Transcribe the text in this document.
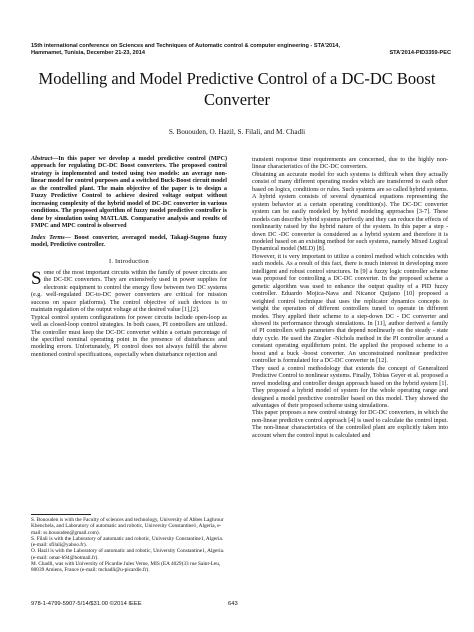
15th international conference on Sciences and Techniques of Automatic control & computer engineering - STA'2014, Hammamet, Tunisia, December 21-23, 2014	STA'2014-PID3359-PEC
Modelling and Model Predictive Control of a DC-DC Boost Converter
S. Bououden, O. Hazil, S. Filali, and M. Chadli

Abstract—In this paper we develop a model predictive control (MPC) approach for regulating DC-DC Boost converters. The proposed control strategy is implemented and tested using two models: an average non-linear model for control purposes and a switched Buck-Boost circuit model as the controlled plant. The main objective of the paper is to design a Fuzzy Predictive Control to achieve desired voltage output without increasing complexity of the hybrid model of DC-DC converter in various conditions. The proposed algorithm of fuzzy model predictive controller is done by simulation using MATLAB. Comparative analysis and results of FMPC and MPC control is observed

Index Terms— Boost converter, averaged model, Takagi-Sugeno fuzzy model, Predictive controller.

I. Introduction

Some of the most important circuits within the family of power circuits are the DC-DC converters. They are extensively used in power supplies for electronic equipment to control the energy flow between two DC systems (e.g. well-regulated DC-to-DC power converters are critical for mission success on space platforms). The control objective of such devices is to maintain regulation of the output voltage at the desired value [1],[2].

Typical control system configurations for power circuits include open-loop as well as closed-loop control strategies. In both cases, PI controllers are utilized. The controller must keep the DC-DC converter within a certain percentage of the specified nominal operating point in the presence of disturbances and modeling errors. Unfortunately, PI control does not always fulfill the above mentioned control specifications, especially when disturbance rejection and

transient response time requirements are concerned, due to the highly non-linear characteristics of the DC-DC converters.

Obtaining an accurate model for such systems is difficult when they actually consist of many different operating modes which are transferred to each other based on logics, conditions or rules. Such systems are so called hybrid systems. A hybrid system consists of several dynamical equations representing the system behavior at a certain operating condition(s). The DC-DC converter system can be easily modeled by hybrid modeling approaches [3-7]. These models can describe hybrid systems perfectly and they can reduce the effects of nonlinearity raised by the hybrid nature of the system. In this paper a step -down DC -DC converter is considered as a hybrid system and therefore it is modeled based on an existing method for such systems, namely Mixed Logical Dynamical model (MLD) [8].

However, it is very important to utilize a control method which coincides with such models. As a result of this fact, there is much interest in developing more intelligent and robust control structures. In [9] a fuzzy logic controller scheme was proposed for controlling a DC-DC converter. In the proposed scheme a genetic algorithm was used to enhance the output quality of a PID fuzzy controller. Eduardo Mojica-Nava and Nicanor Quijano [10] proposed a weighted control technique that uses the replicator dynamics concepts to weight the operation of different controllers tuned to operate in different modes. They applied their scheme to a step-down DC - DC converter and showed its performance through simulations. In [11], author derived a family of PI controllers with parameters that depend nonlinearly on the steady - state duty cycle. He used the Ziegler -Nichols method in the PI controller around a constant operating equilibrium point. He applied the proposed scheme to a boost and a buck -boost converter. An unconstrained nonlinear predictive controller is formulated for a DC-DC converter in [12].

They used a control methodology that extends the concept of Generalized Predictive Control to nonlinear systems. Finally, Tobias Geyer et al. proposed a novel modeling and controller design approach based on the hybrid system [1]. They proposed a hybrid model of system for the whole operating range and designed a model predictive controller based on this model. They showed the advantages of their proposed scheme using simulations.

This paper proposes a new control strategy for DC-DC converters, in which the non-linear predictive control approach [4] is used to calculate the control input. The non-linear characteristics of the controlled plant are explicitly taken into account when the control input is calculated and

S. Bououden is with the Faculty of sciences and technology, University of Abbes Laghrour Khenchela, and Laboratory of automatic and robotic, University Constantine1, Algeria, e-mail: ss.bououden@gmail.com).

S. Filali is with the Laboratory of automatic and robotic, University Constantine1, Algeria. (e-mail: sfilali@yahoo.fr).

O. Hazil is with the Laboratory of automatic and robotic, University Constantine1, Algeria. (e-mail: omar-h94@hotmail.fr).

M. Chadli, was with University of Picardie Jules Verne, MIS (EA 4029)33 rue Saint-Leu, 80039 Amiens, France (e-mail: mchadli@u-picardie.fr).

978-1-4799-5907-5/14/$31.00 ©2014 IEEE	643
